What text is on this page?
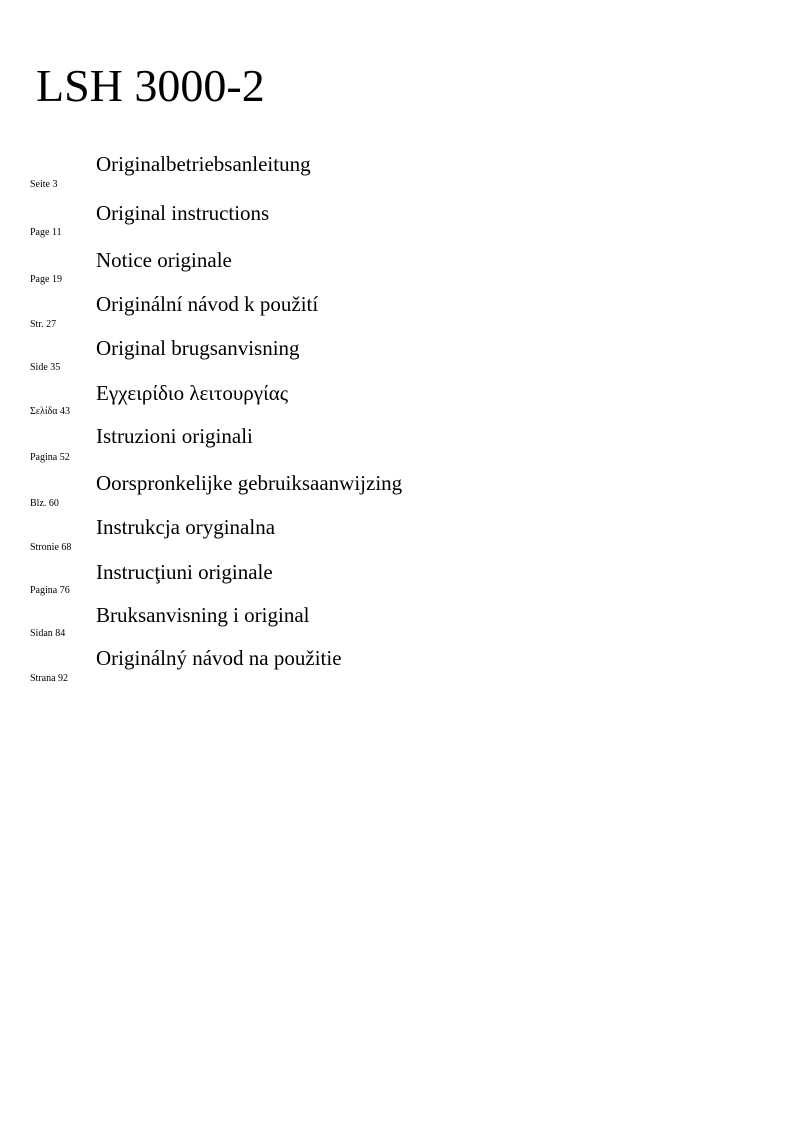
LSH 3000-2
Originalbetriebsanleitung
Seite 3
Original instructions
Page 11
Notice originale
Page 19
Originální návod k použití
Str. 27
Original brugsanvisning
Side 35
Εγχειρίδιο λειτουργίας
Σελίδα 43
Istruzioni originali
Pagina 52
Oorspronkelijke gebruiksaanwijzing
Blz. 60
Instrukcja oryginalna
Stronie 68
Instrucţiuni originale
Pagina 76
Bruksanvisning i original
Sidan 84
Originálný návod na použitie
Strana 92
